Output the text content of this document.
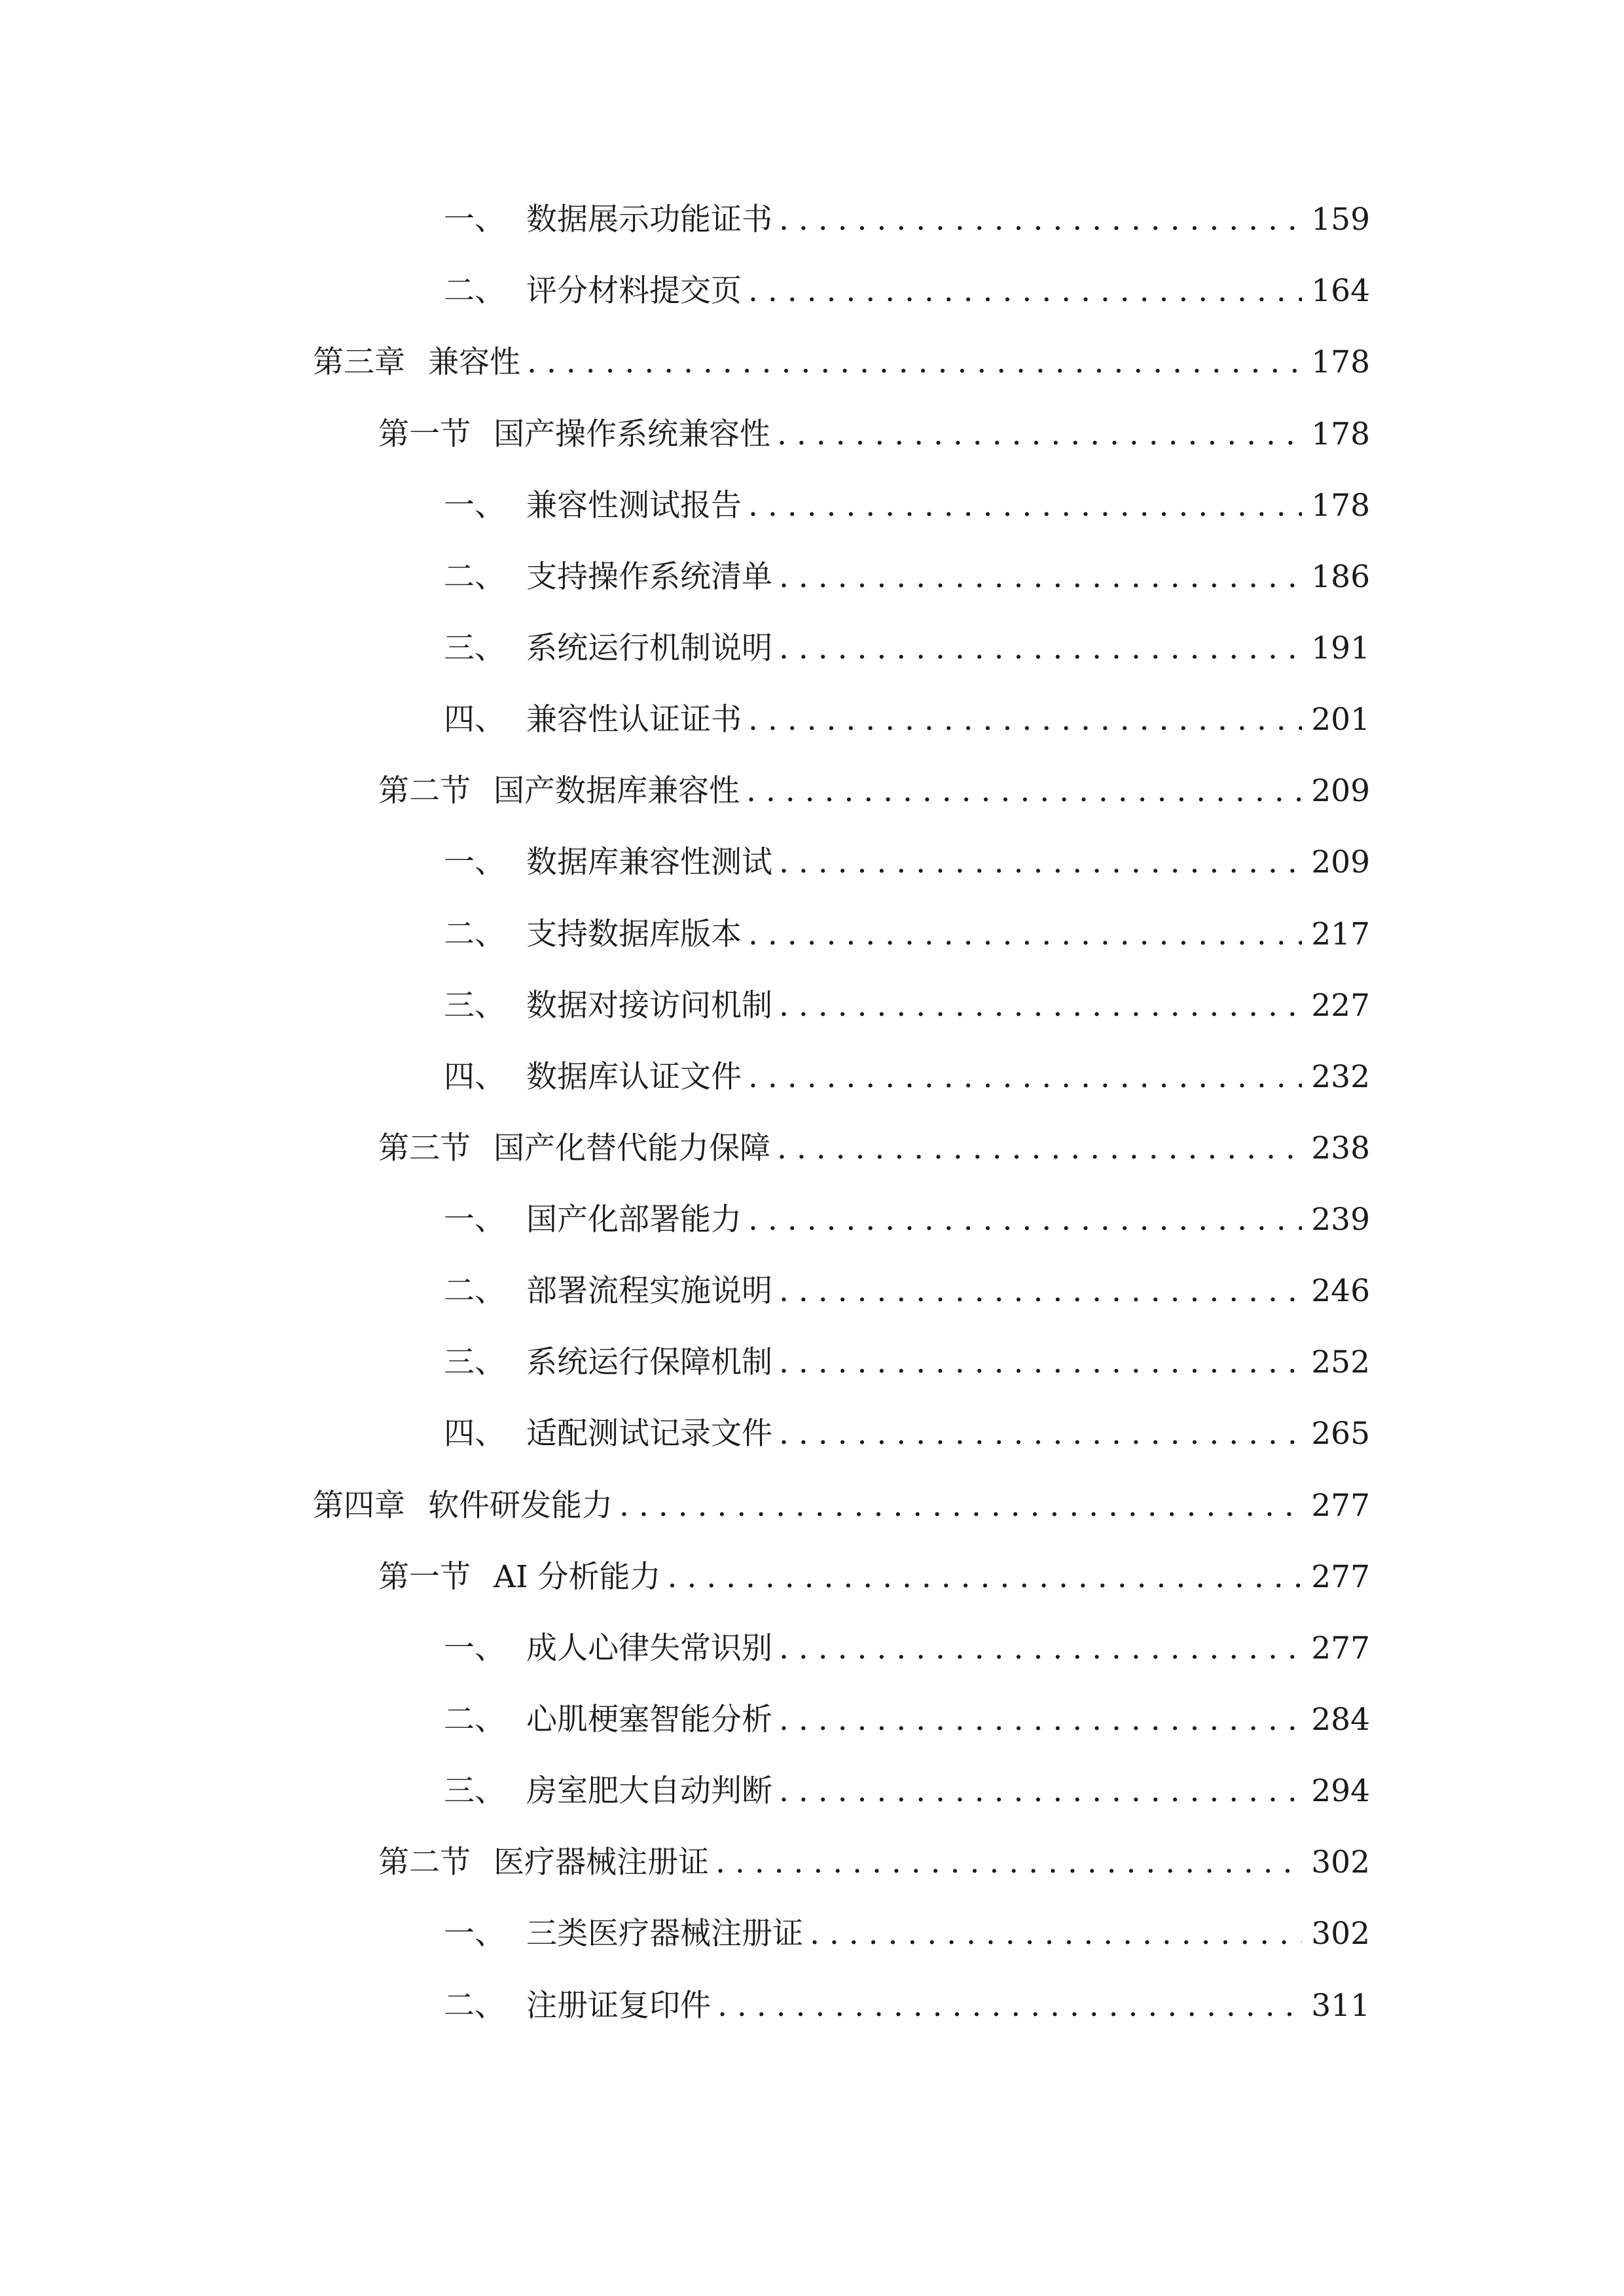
一、 数据展示功能证书 . . .	159
二、 评分材料提交页 . . .	164
第三章 兼容性 . . .	178
第一节 国产操作系统兼容性 . . .	178
一、 兼容性测试报告 . . .	178
二、 支持操作系统清单 . . .	186
三、 系统运行机制说明 . . .	191
四、 兼容性认证证书 . . .	201
第二节 国产数据库兼容性 . . .	209
一、 数据库兼容性测试 . . .	209
二、 支持数据库版本 . . .	217
三、 数据对接访问机制 . . .	227
四、 数据库认证文件 . . .	232
第三节 国产化替代能力保障 . . .	238
一、 国产化部署能力 . . .	239
二、 部署流程实施说明 . . .	246
三、 系统运行保障机制 . . .	252
四、 适配测试记录文件 . . .	265
第四章 软件研发能力 . . .	277
第一节 AI 分析能力 . . .	277
一、 成人心律失常识别 . . .	277
二、 心肌梗塞智能分析 . . .	284
三、 房室肥大自动判断 . . .	294
第二节 医疗器械注册证 . . .	302
一、 三类医疗器械注册证 . . .	302
二、 注册证复印件 . . .	311
